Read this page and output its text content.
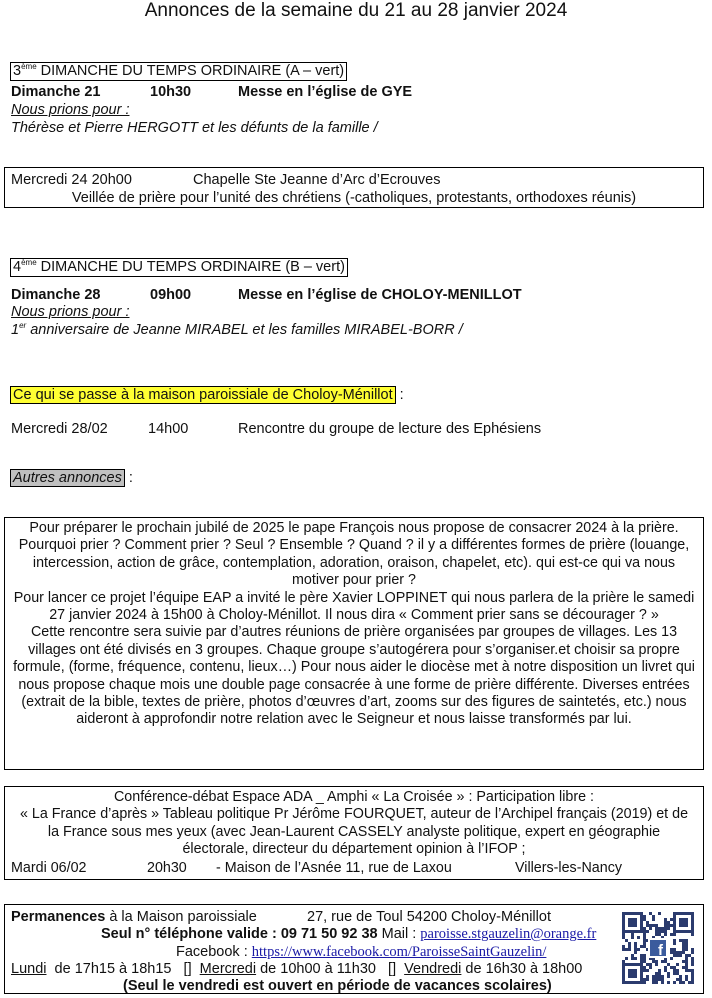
Annonces de la semaine du 21 au 28 janvier 2024
3ème DIMANCHE DU TEMPS ORDINAIRE (A – vert)
Dimanche 21	10h30	Messe en l’église de GYE
Nous prions pour :
Thérèse et Pierre HERGOTT et les défunts de la famille /
Mercredi 24 20h00	Chapelle Ste Jeanne d’Arc d’Ecrouves
Veillée de prière pour l’unité des chrétiens (-catholiques, protestants, orthodoxes réunis)
4ème DIMANCHE DU TEMPS ORDINAIRE (B – vert)
Dimanche 28	09h00	Messe en l’église de CHOLOY-MENILLOT
Nous prions pour :
1er anniversaire de Jeanne MIRABEL et les familles MIRABEL-BORR /
Ce qui se passe à la maison paroissiale de Choloy-Ménillot :
Mercredi 28/02	14h00	Rencontre du groupe de lecture des Ephésiens
Autres annonces :
Pour préparer le prochain jubilé de 2025 le pape François nous propose de consacrer 2024 à la prière. Pourquoi prier ? Comment prier ? Seul ? Ensemble ? Quand ? il y a différentes formes de prière (louange, intercession, action de grâce, contemplation, adoration, oraison, chapelet, etc). qui est-ce qui va nous motiver pour prier ?
Pour lancer ce projet l’équipe EAP a invité le père Xavier LOPPINET qui nous parlera de la prière le samedi 27 janvier 2024 à 15h00 à Choloy-Ménillot. Il nous dira « Comment prier sans se décourager ? »
Cette rencontre sera suivie par d’autres réunions de prière organisées par groupes de villages. Les 13 villages ont été divisés en 3 groupes. Chaque groupe s’autogérera pour s’organiser.et choisir sa propre formule, (forme, fréquence, contenu, lieux…) Pour nous aider le diocèse met à notre disposition un livret qui nous propose chaque mois une double page consacrée à une forme de prière différente. Diverses entrées (extrait de la bible, textes de prière, photos d’œuvres d’art, zooms sur des figures de saintetés, etc.) nous aideront à approfondir notre relation avec le Seigneur et nous laisse transformés par lui.
Conférence-débat Espace ADA _ Amphi « La Croisée » : Participation libre :
« La France d’après » Tableau politique Pr Jérôme FOURQUET, auteur de l’Archipel français (2019) et de la France sous mes yeux (avec Jean-Laurent CASSELY analyste politique, expert en géographie électorale, directeur du département opinion à l’IFOP ;
Mardi 06/02	20h30 - Maison de l’Asnée 11, rue de Laxou	Villers-les-Nancy
Permanences à la Maison paroissiale	27, rue de Toul 54200 Choloy-Ménillot
Seul n° téléphone valide : 09 71 50 92 38 Mail : paroisse.stgauzelin@orange.fr
Facebook : https://www.facebook.com/ParoisseSaintGauzelin/
Lundi  de 17h15 à 18h15   []  Mercredi de 10h00 à 11h30   []  Vendredi de 16h30 à 18h00
(Seul le vendredi est ouvert en période de vacances scolaires)
f
